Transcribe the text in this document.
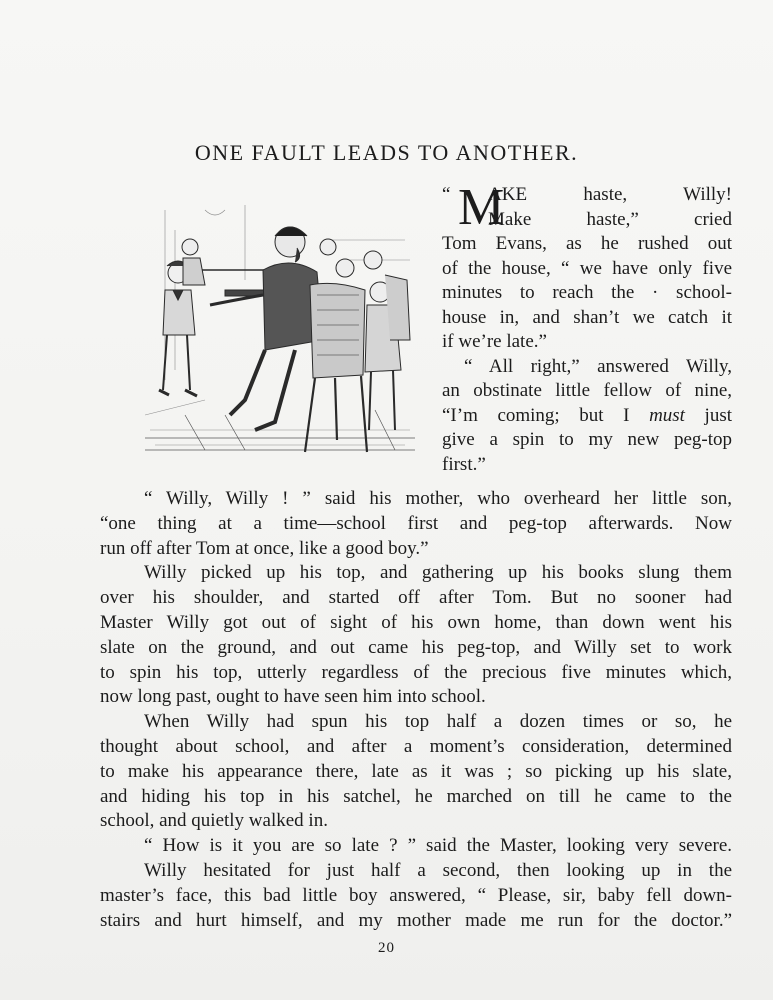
ONE FAULT LEADS TO ANOTHER.
“ M
AKE haste, Willy!
Make haste,” cried
Tom Evans, as he rushed out
of the house, “ we have only five
minutes to reach the · school-
house in, and shan’t we catch it
if we’re late.”
“ All right,” answered Willy,
an obstinate little fellow of nine,
“I’m coming; but I must just
give a spin to my new peg-top
first.”
“ Willy, Willy ! ” said his mother, who overheard her little son,
“one thing at a time—school first and peg-top afterwards. Now
run off after Tom at once, like a good boy.”
Willy picked up his top, and gathering up his books slung them
over his shoulder, and started off after Tom. But no sooner had
Master Willy got out of sight of his own home, than down went his
slate on the ground, and out came his peg-top, and Willy set to work
to spin his top, utterly regardless of the precious five minutes which,
now long past, ought to have seen him into school.
When Willy had spun his top half a dozen times or so, he
thought about school, and after a moment’s consideration, determined
to make his appearance there, late as it was ; so picking up his slate,
and hiding his top in his satchel, he marched on till he came to the
school, and quietly walked in.
“ How is it you are so late ? ” said the Master, looking very severe.
Willy hesitated for just half a second, then looking up in the
master’s face, this bad little boy answered, “ Please, sir, baby fell down-
stairs and hurt himself, and my mother made me run for the doctor.”
20
